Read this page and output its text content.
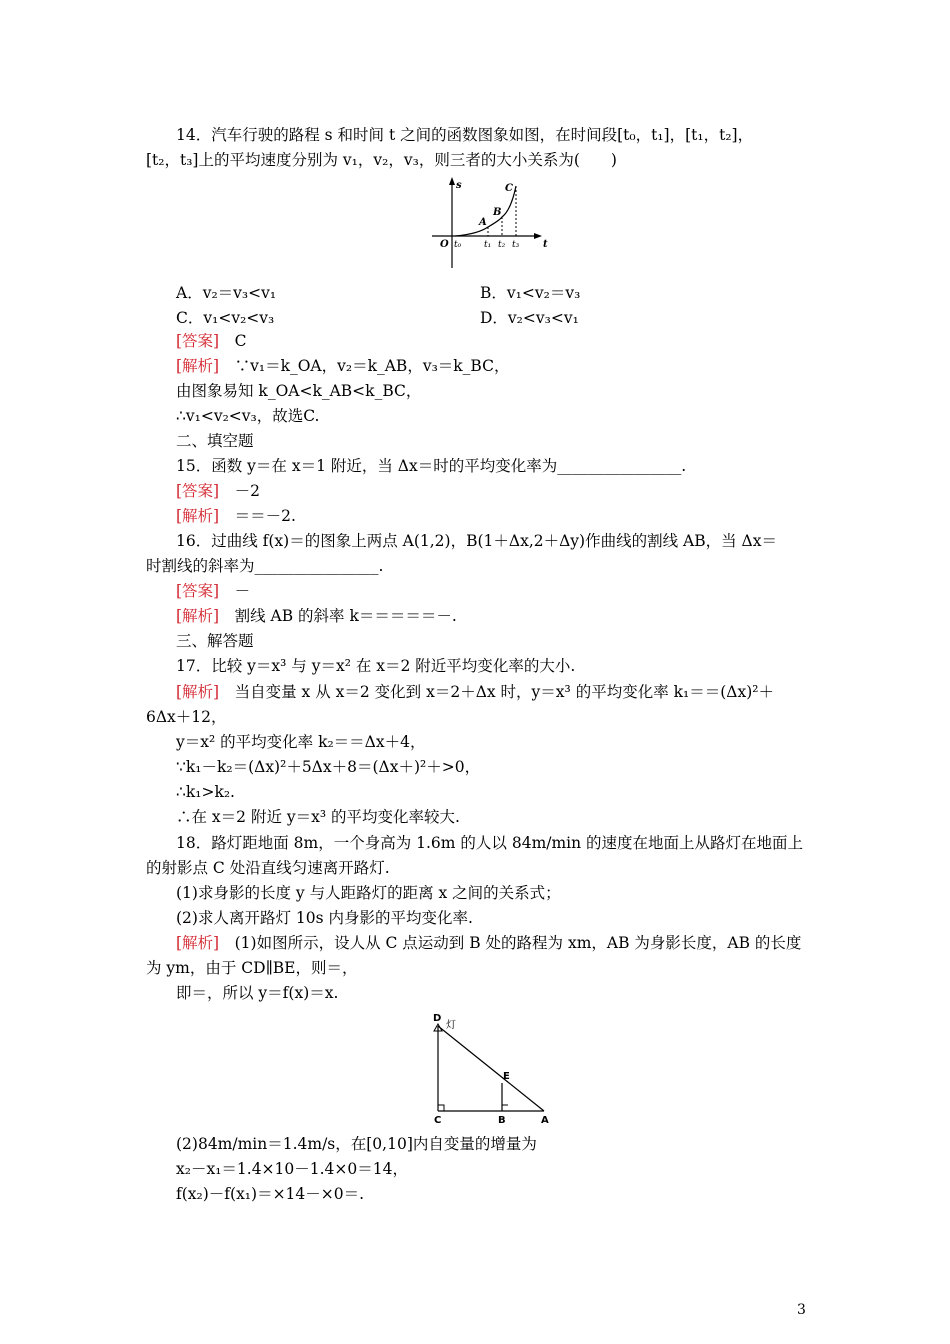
14．汽车行驶的路程 s 和时间 t 之间的函数图象如图，在时间段[t₀，t₁]，[t₁，t₂]，
[t₂，t₃]上的平均速度分别为 v₁，v₂，v₃，则三者的大小关系为(　　)
s
t
O t₀	t₁ t₂ t₃
A
B
C
A．v₂＝v₃<v₁	B．v₁<v₂＝v₃
C．v₁<v₂<v₃	D．v₂<v₃<v₁
[答案]　C
[解析]　∵v₁＝k_OA，v₂＝k_AB，v₃＝k_BC，
由图象易知 k_OA<k_AB<k_BC，
∴v₁<v₂<v₃，故选C.
二、填空题
15．函数 y＝在 x＝1 附近，当 Δx＝时的平均变化率为________________.
[答案]　－2
[解析]　＝＝－2.
16．过曲线 f(x)＝的图象上两点 A(1,2)，B(1＋Δx,2＋Δy)作曲线的割线 AB，当 Δx＝
时割线的斜率为________________.
[答案]　－
[解析]　割线 AB 的斜率 k＝＝＝＝＝－.
三、解答题
17．比较 y＝x³ 与 y＝x² 在 x＝2 附近平均变化率的大小.
[解析]　当自变量 x 从 x＝2 变化到 x＝2＋Δx 时，y＝x³ 的平均变化率 k₁＝＝(Δx)²＋
6Δx＋12，
y＝x² 的平均变化率 k₂＝＝Δx＋4，
∵k₁－k₂＝(Δx)²＋5Δx＋8＝(Δx＋)²＋>0，
∴k₁>k₂.
∴在 x＝2 附近 y＝x³ 的平均变化率较大.
18．路灯距地面 8m，一个身高为 1.6m 的人以 84m/min 的速度在地面上从路灯在地面上
的射影点 C 处沿直线匀速离开路灯.
(1)求身影的长度 y 与人距路灯的距离 x 之间的关系式；
(2)求人离开路灯 10s 内身影的平均变化率.
[解析]　(1)如图所示，设人从 C 点运动到 B 处的路程为 xm，AB 为身影长度，AB 的长度
为 ym，由于 CD∥BE，则＝，
即＝，所以 y＝f(x)＝x.
D
灯
E
C	B	A
(2)84m/min＝1.4m/s，在[0,10]内自变量的增量为
x₂－x₁＝1.4×10－1.4×0＝14，
f(x₂)－f(x₁)＝×14－×0＝.
3
